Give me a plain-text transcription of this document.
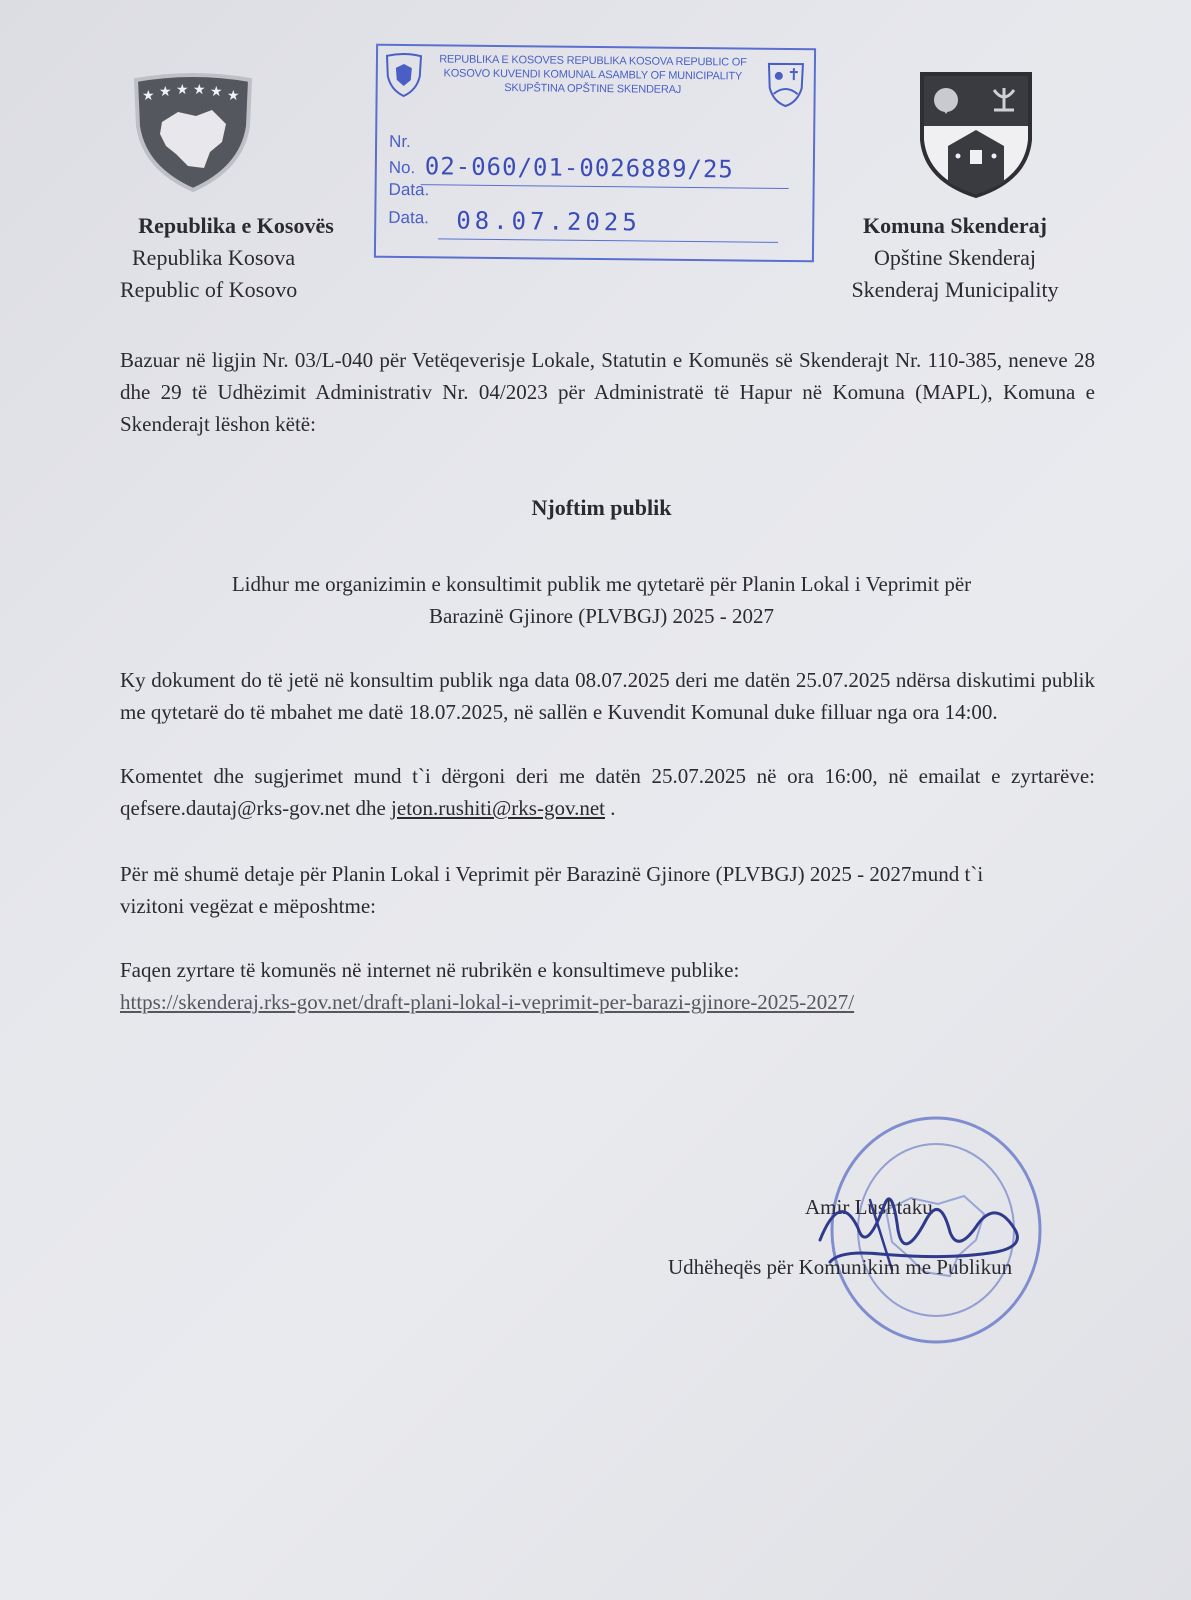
★ ★ ★ ★ ★ ★
Republika e Kosovës
Republika Kosova
Republic of Kosovo
REPUBLIKA E KOSOVES REPUBLIKA KOSOVA REPUBLIC OF KOSOVO KUVENDI KOMUNAL ASAMBLY OF MUNICIPALITY SKUPŠTINA OPŠTINE SKENDERAJ
Nr.
No. 02-060/01-0026889/25
Data.
Data. 08.07.2025	Komuna Skenderaj
Opštine Skenderaj
Skenderaj Municipality
Bazuar në ligjin Nr. 03/L-040 për Vetëqeverisje Lokale, Statutin e Komunës së Skenderajt Nr. 110-385, neneve 28 dhe 29 të Udhëzimit Administrativ Nr. 04/2023 për Administratë të Hapur në Komuna (MAPL), Komuna e Skenderajt lëshon këtë:
Njoftim publik
Lidhur me organizimin e konsultimit publik me qytetarë për Planin Lokal i Veprimit për
Barazinë Gjinore (PLVBGJ) 2025 - 2027
Ky dokument do të jetë në konsultim publik nga data 08.07.2025 deri me datën 25.07.2025 ndërsa diskutimi publik me qytetarë do të mbahet me datë 18.07.2025, në sallën e Kuvendit Komunal duke filluar nga ora 14:00.
Komentet dhe sugjerimet mund t`i dërgoni deri me datën 25.07.2025 në ora 16:00, në emailat e zyrtarëve: qefsere.dautaj@rks-gov.net dhe jeton.rushiti@rks-gov.net .
Për më shumë detaje për Planin Lokal i Veprimit për Barazinë Gjinore (PLVBGJ) 2025 - 2027mund t`i vizitoni vegëzat e mëposhtme:
Faqen zyrtare të komunës në internet në rubrikën e konsultimeve publike:
https://skenderaj.rks-gov.net/draft-plani-lokal-i-veprimit-per-barazi-gjinore-2025-2027/
Amir Lushtaku
Udhëheqës për Komunikim me Publikun
